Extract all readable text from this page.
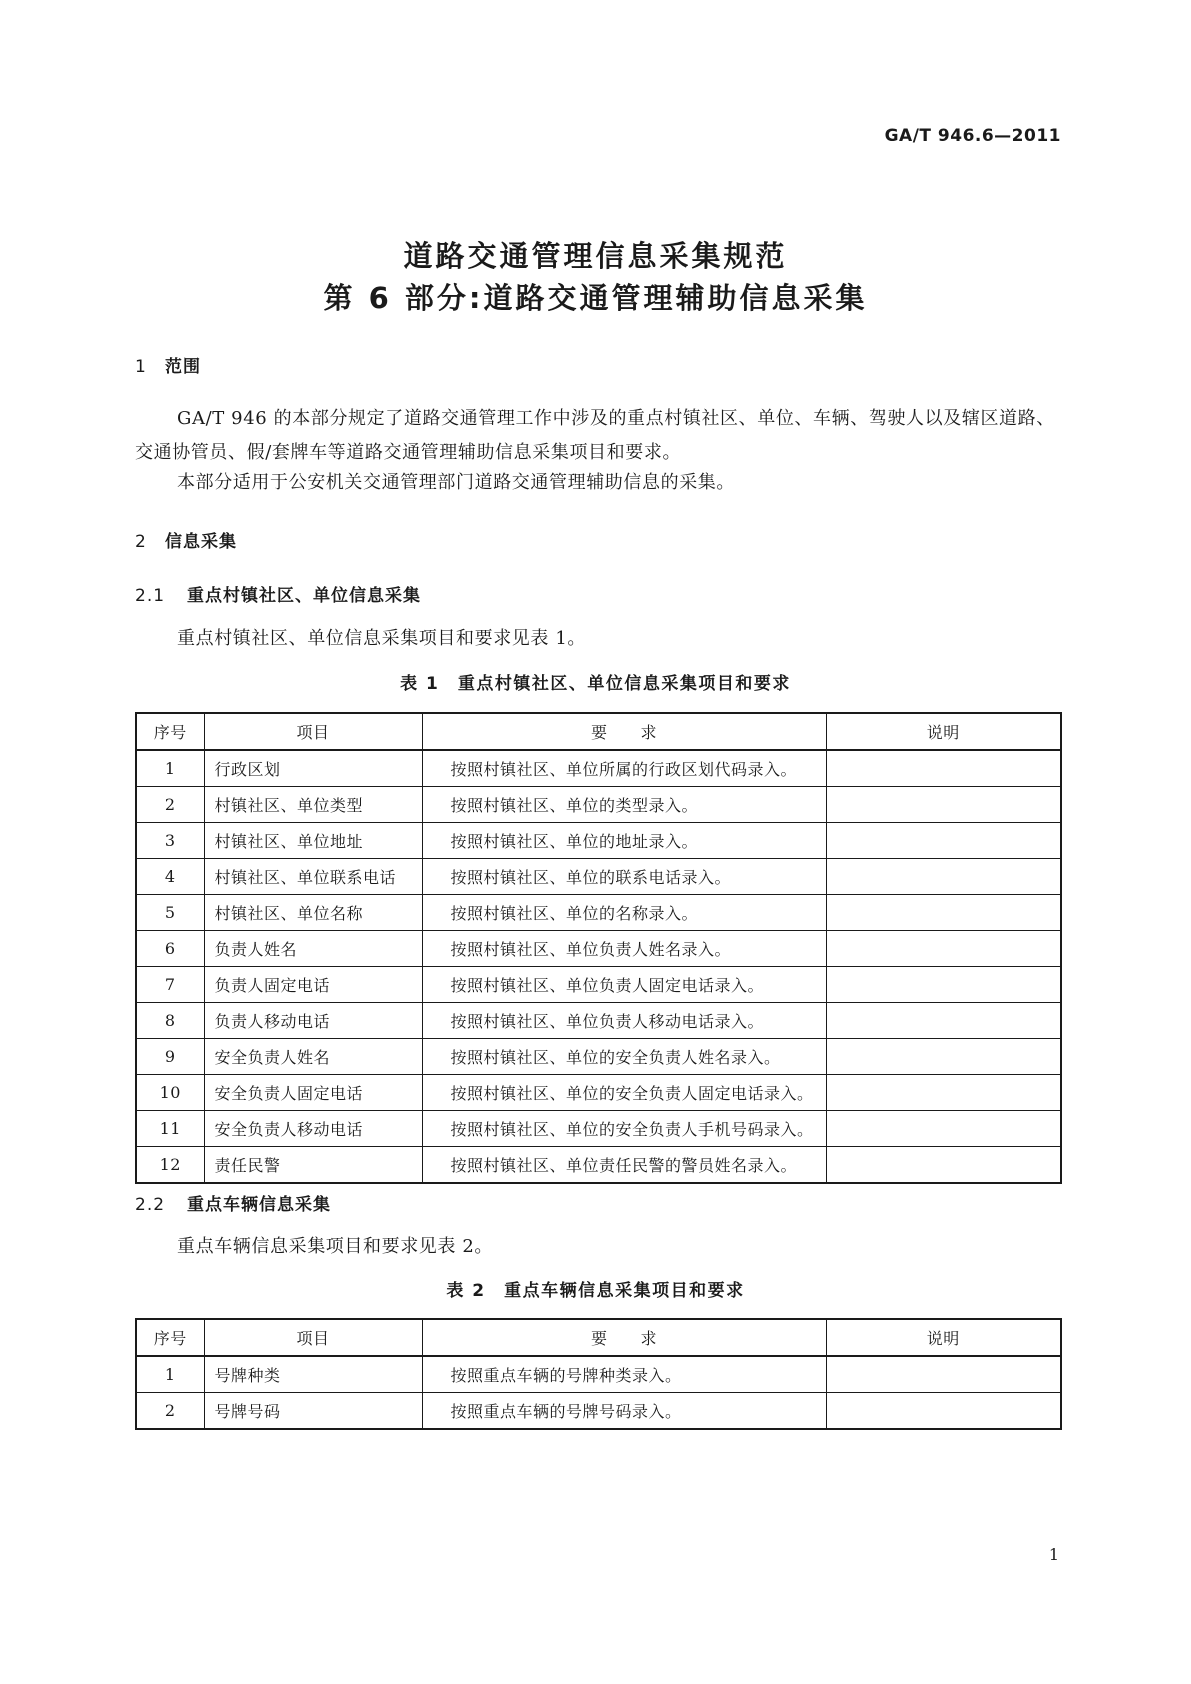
GA/T 946.6—2011
道路交通管理信息采集规范
第 6 部分:道路交通管理辅助信息采集
1 范围

GA/T 946 的本部分规定了道路交通管理工作中涉及的重点村镇社区、单位、车辆、驾驶人以及辖区道路、交通协管员、假/套牌车等道路交通管理辅助信息采集项目和要求。

本部分适用于公安机关交通管理部门道路交通管理辅助信息的采集。
2 信息采集
2.1 重点村镇社区、单位信息采集
重点村镇社区、单位信息采集项目和要求见表 1。
表 1　重点村镇社区、单位信息采集项目和要求
序号	项目	要　　求	说明
1	行政区划	按照村镇社区、单位所属的行政区划代码录入。	
2	村镇社区、单位类型	按照村镇社区、单位的类型录入。	
3	村镇社区、单位地址	按照村镇社区、单位的地址录入。	
4	村镇社区、单位联系电话	按照村镇社区、单位的联系电话录入。	
5	村镇社区、单位名称	按照村镇社区、单位的名称录入。	
6	负责人姓名	按照村镇社区、单位负责人姓名录入。	
7	负责人固定电话	按照村镇社区、单位负责人固定电话录入。	
8	负责人移动电话	按照村镇社区、单位负责人移动电话录入。	
9	安全负责人姓名	按照村镇社区、单位的安全负责人姓名录入。	
10	安全负责人固定电话	按照村镇社区、单位的安全负责人固定电话录入。	
11	安全负责人移动电话	按照村镇社区、单位的安全负责人手机号码录入。	
12	责任民警	按照村镇社区、单位责任民警的警员姓名录入。	
2.2 重点车辆信息采集
重点车辆信息采集项目和要求见表 2。
表 2　重点车辆信息采集项目和要求
序号	项目	要　　求	说明
1	号牌种类	按照重点车辆的号牌种类录入。	
2	号牌号码	按照重点车辆的号牌号码录入。	
1
